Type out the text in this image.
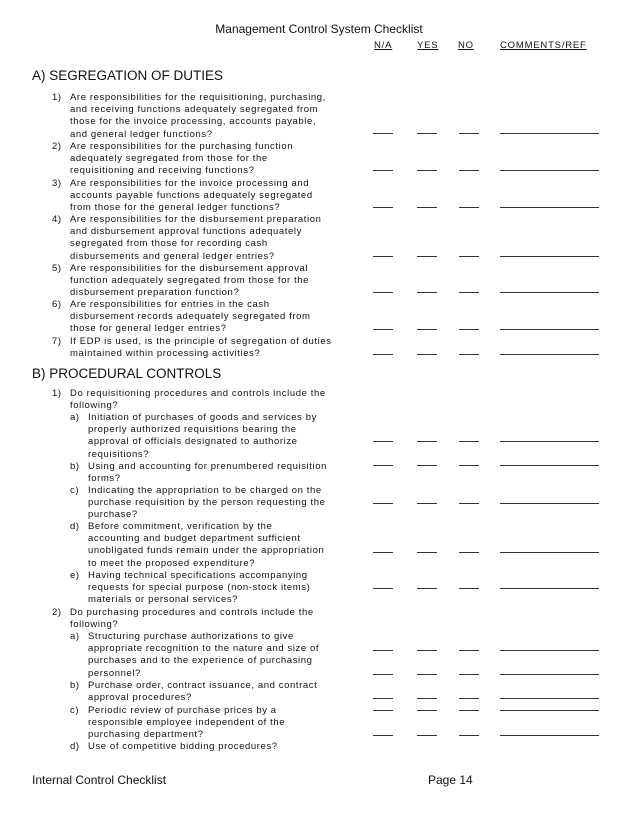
Management Control System Checklist
N/A	YES NO	COMMENTS/REF
A) SEGREGATION OF DUTIES
1) Are responsibilities for the requisitioning, purchasing,
and receiving functions adequately segregated from
those for the invoice processing, accounts payable,
and general ledger functions?
2) Are responsibilities for the purchasing function
adequately segregated from those for the
requisitioning and receiving functions?
3) Are responsibilities for the invoice processing and
accounts payable functions adequately segregated
from those for the general ledger functions?
4) Are responsibilities for the disbursement preparation
and disbursement approval functions adequately
segregated from those for recording cash
disbursements and general ledger entries?
5) Are responsibilities for the disbursement approval
function adequately segregated from those for the
disbursement preparation function?
6) Are responsibilities for entries in the cash
disbursement records adequately segregated from
those for general ledger entries?
7) If EDP is used, is the principle of segregation of duties
maintained within processing activities?
B) PROCEDURAL CONTROLS
1) Do requisitioning procedures and controls include the
following?
a) Initiation of purchases of goods and services by
properly authorized requisitions bearing the
approval of officials designated to authorize
requisitions?
b) Using and accounting for prenumbered requisition
forms?
c) Indicating the appropriation to be charged on the
purchase requisition by the person requesting the
purchase?
d) Before commitment, verification by the
accounting and budget department sufficient
unobligated funds remain under the appropriation
to meet the proposed expenditure?
e) Having technical specifications accompanying
requests for special purpose (non-stock items)
materials or personal services?
2) Do purchasing procedures and controls include the
following?
a) Structuring purchase authorizations to give
appropriate recognition to the nature and size of
purchases and to the experience of purchasing
personnel?
b) Purchase order, contract issuance, and contract
approval procedures?
c) Periodic review of purchase prices by a
responsible employee independent of the
purchasing department?
d) Use of competitive bidding procedures?
Internal Control Checklist	Page 14
